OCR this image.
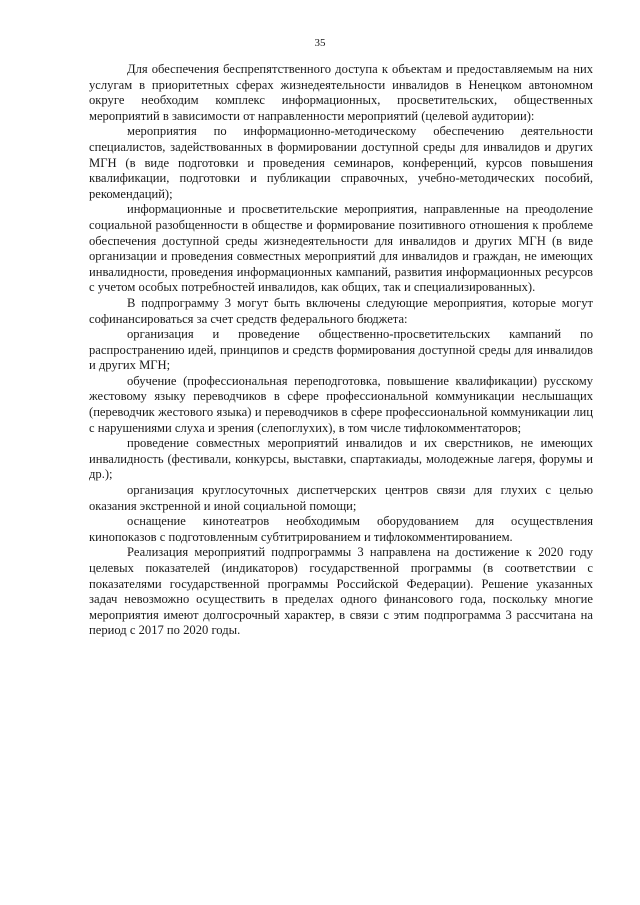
35

Для обеспечения беспрепятственного доступа к объектам и предоставляемым на них услугам в приоритетных сферах жизнедеятельности инвалидов в Ненецком автономном округе необходим комплекс информационных, просветительских, общественных мероприятий в зависимости от направленности мероприятий (целевой аудитории):

мероприятия по информационно-методическому обеспечению деятельности специалистов, задействованных в формировании доступной среды для инвалидов и других МГН (в виде подготовки и проведения семинаров, конференций, курсов повышения квалификации, подготовки и публикации справочных, учебно-методических пособий, рекомендаций);

информационные и просветительские мероприятия, направленные на преодоление социальной разобщенности в обществе и формирование позитивного отношения к проблеме обеспечения доступной среды жизнедеятельности для инвалидов и других МГН (в виде организации и проведения совместных мероприятий для инвалидов и граждан, не имеющих инвалидности, проведения информационных кампаний, развития информационных ресурсов с учетом особых потребностей инвалидов, как общих, так и специализированных).

В подпрограмму 3 могут быть включены следующие мероприятия, которые могут софинансироваться за счет средств федерального бюджета:

организация и проведение общественно-просветительских кампаний по распространению идей, принципов и средств формирования доступной среды для инвалидов и других МГН;

обучение (профессиональная переподготовка, повышение квалификации) русскому жестовому языку переводчиков в сфере профессиональной коммуникации неслышащих (переводчик жестового языка) и переводчиков в сфере профессиональной коммуникации лиц с нарушениями слуха и зрения (слепоглухих), в том числе тифлокомментаторов;

проведение совместных мероприятий инвалидов и их сверстников, не имеющих инвалидность (фестивали, конкурсы, выставки, спартакиады, молодежные лагеря, форумы и др.);

организация круглосуточных диспетчерских центров связи для глухих с целью оказания экстренной и иной социальной помощи;

оснащение кинотеатров необходимым оборудованием для осуществления кинопоказов с подготовленным субтитрированием и тифлокомментированием.

Реализация мероприятий подпрограммы 3 направлена на достижение к 2020 году целевых показателей (индикаторов) государственной программы (в соответствии с показателями государственной программы Российской Федерации). Решение указанных задач невозможно осуществить в пределах одного финансового года, поскольку многие мероприятия имеют долгосрочный характер, в связи с этим подпрограмма 3 рассчитана на период с 2017 по 2020 годы.
